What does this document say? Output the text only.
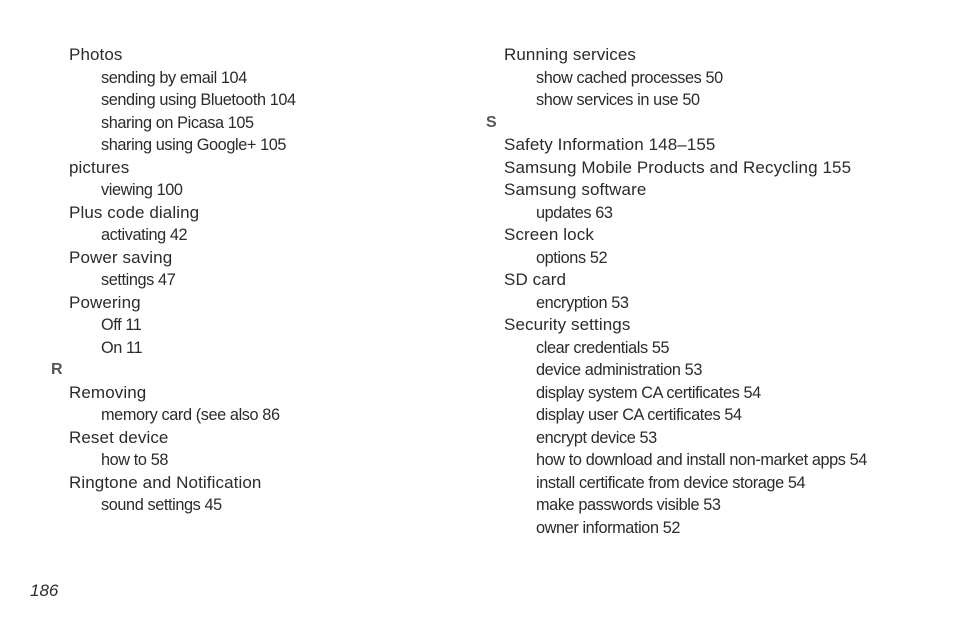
Photos
sending by email 104
sending using Bluetooth 104
sharing on Picasa 105
sharing using Google+ 105
pictures
viewing 100
Plus code dialing
activating 42
Power saving
settings 47
Powering
Off 11
On 11
R
Removing
memory card (see also 86
Reset device
how to 58
Ringtone and Notification
sound settings 45
Running services
show cached processes 50
show services in use 50
S
Safety Information 148–155
Samsung Mobile Products and Recycling 155
Samsung software
updates 63
Screen lock
options 52
SD card
encryption 53
Security settings
clear credentials 55
device administration 53
display system CA certificates 54
display user CA certificates 54
encrypt device 53
how to download and install non-market apps 54
install certificate from device storage 54
make passwords visible 53
owner information 52
186
